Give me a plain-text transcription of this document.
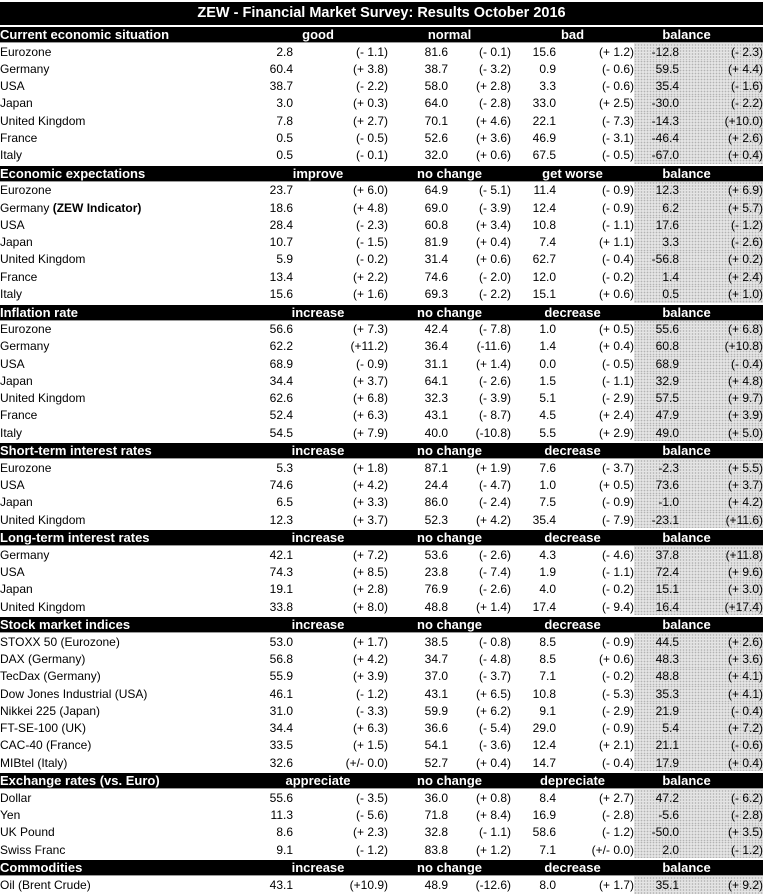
ZEW - Financial Market Survey: Results October 2016
Current economic situation	good		normal		bad		balance	
Eurozone	2.8	(- 1.1)	81.6	(- 0.1)	15.6	(+ 1.2)	-12.8	(- 2.3)
Germany	60.4	(+ 3.8)	38.7	(- 3.2)	0.9	(- 0.6)	59.5	(+ 4.4)
USA	38.7	(- 2.2)	58.0	(+ 2.8)	3.3	(- 0.6)	35.4	(- 1.6)
Japan	3.0	(+ 0.3)	64.0	(- 2.8)	33.0	(+ 2.5)	-30.0	(- 2.2)
United Kingdom	7.8	(+ 2.7)	70.1	(+ 4.6)	22.1	(- 7.3)	-14.3	(+10.0)
France	0.5	(- 0.5)	52.6	(+ 3.6)	46.9	(- 3.1)	-46.4	(+ 2.6)
Italy	0.5	(- 0.1)	32.0	(+ 0.6)	67.5	(- 0.5)	-67.0	(+ 0.4)
Economic expectations	improve		no change		get worse		balance	
Eurozone	23.7	(+ 6.0)	64.9	(- 5.1)	11.4	(- 0.9)	12.3	(+ 6.9)
Germany (ZEW Indicator)	18.6	(+ 4.8)	69.0	(- 3.9)	12.4	(- 0.9)	6.2	(+ 5.7)
USA	28.4	(- 2.3)	60.8	(+ 3.4)	10.8	(- 1.1)	17.6	(- 1.2)
Japan	10.7	(- 1.5)	81.9	(+ 0.4)	7.4	(+ 1.1)	3.3	(- 2.6)
United Kingdom	5.9	(- 0.2)	31.4	(+ 0.6)	62.7	(- 0.4)	-56.8	(+ 0.2)
France	13.4	(+ 2.2)	74.6	(- 2.0)	12.0	(- 0.2)	1.4	(+ 2.4)
Italy	15.6	(+ 1.6)	69.3	(- 2.2)	15.1	(+ 0.6)	0.5	(+ 1.0)
Inflation rate	increase		no change		decrease		balance	
Eurozone	56.6	(+ 7.3)	42.4	(- 7.8)	1.0	(+ 0.5)	55.6	(+ 6.8)
Germany	62.2	(+11.2)	36.4	(-11.6)	1.4	(+ 0.4)	60.8	(+10.8)
USA	68.9	(- 0.9)	31.1	(+ 1.4)	0.0	(- 0.5)	68.9	(- 0.4)
Japan	34.4	(+ 3.7)	64.1	(- 2.6)	1.5	(- 1.1)	32.9	(+ 4.8)
United Kingdom	62.6	(+ 6.8)	32.3	(- 3.9)	5.1	(- 2.9)	57.5	(+ 9.7)
France	52.4	(+ 6.3)	43.1	(- 8.7)	4.5	(+ 2.4)	47.9	(+ 3.9)
Italy	54.5	(+ 7.9)	40.0	(-10.8)	5.5	(+ 2.9)	49.0	(+ 5.0)
Short-term interest rates	increase		no change		decrease		balance	
Eurozone	5.3	(+ 1.8)	87.1	(+ 1.9)	7.6	(- 3.7)	-2.3	(+ 5.5)
USA	74.6	(+ 4.2)	24.4	(- 4.7)	1.0	(+ 0.5)	73.6	(+ 3.7)
Japan	6.5	(+ 3.3)	86.0	(- 2.4)	7.5	(- 0.9)	-1.0	(+ 4.2)
United Kingdom	12.3	(+ 3.7)	52.3	(+ 4.2)	35.4	(- 7.9)	-23.1	(+11.6)
Long-term interest rates	increase		no change		decrease		balance	
Germany	42.1	(+ 7.2)	53.6	(- 2.6)	4.3	(- 4.6)	37.8	(+11.8)
USA	74.3	(+ 8.5)	23.8	(- 7.4)	1.9	(- 1.1)	72.4	(+ 9.6)
Japan	19.1	(+ 2.8)	76.9	(- 2.6)	4.0	(- 0.2)	15.1	(+ 3.0)
United Kingdom	33.8	(+ 8.0)	48.8	(+ 1.4)	17.4	(- 9.4)	16.4	(+17.4)
Stock market indices	increase		no change		decrease		balance	
STOXX 50 (Eurozone)	53.0	(+ 1.7)	38.5	(- 0.8)	8.5	(- 0.9)	44.5	(+ 2.6)
DAX (Germany)	56.8	(+ 4.2)	34.7	(- 4.8)	8.5	(+ 0.6)	48.3	(+ 3.6)
TecDax (Germany)	55.9	(+ 3.9)	37.0	(- 3.7)	7.1	(- 0.2)	48.8	(+ 4.1)
Dow Jones Industrial (USA)	46.1	(- 1.2)	43.1	(+ 6.5)	10.8	(- 5.3)	35.3	(+ 4.1)
Nikkei 225 (Japan)	31.0	(- 3.3)	59.9	(+ 6.2)	9.1	(- 2.9)	21.9	(- 0.4)
FT-SE-100 (UK)	34.4	(+ 6.3)	36.6	(- 5.4)	29.0	(- 0.9)	5.4	(+ 7.2)
CAC-40 (France)	33.5	(+ 1.5)	54.1	(- 3.6)	12.4	(+ 2.1)	21.1	(- 0.6)
MIBtel (Italy)	32.6	(+/- 0.0)	52.7	(+ 0.4)	14.7	(- 0.4)	17.9	(+ 0.4)
Exchange rates (vs. Euro)	appreciate		no change		depreciate		balance	
Dollar	55.6	(- 3.5)	36.0	(+ 0.8)	8.4	(+ 2.7)	47.2	(- 6.2)
Yen	11.3	(- 5.6)	71.8	(+ 8.4)	16.9	(- 2.8)	-5.6	(- 2.8)
UK Pound	8.6	(+ 2.3)	32.8	(- 1.1)	58.6	(- 1.2)	-50.0	(+ 3.5)
Swiss Franc	9.1	(- 1.2)	83.8	(+ 1.2)	7.1	(+/- 0.0)	2.0	(- 1.2)
Commodities	increase		no change		decrease		balance	
Oil (Brent Crude)	43.1	(+10.9)	48.9	(-12.6)	8.0	(+ 1.7)	35.1	(+ 9.2)
